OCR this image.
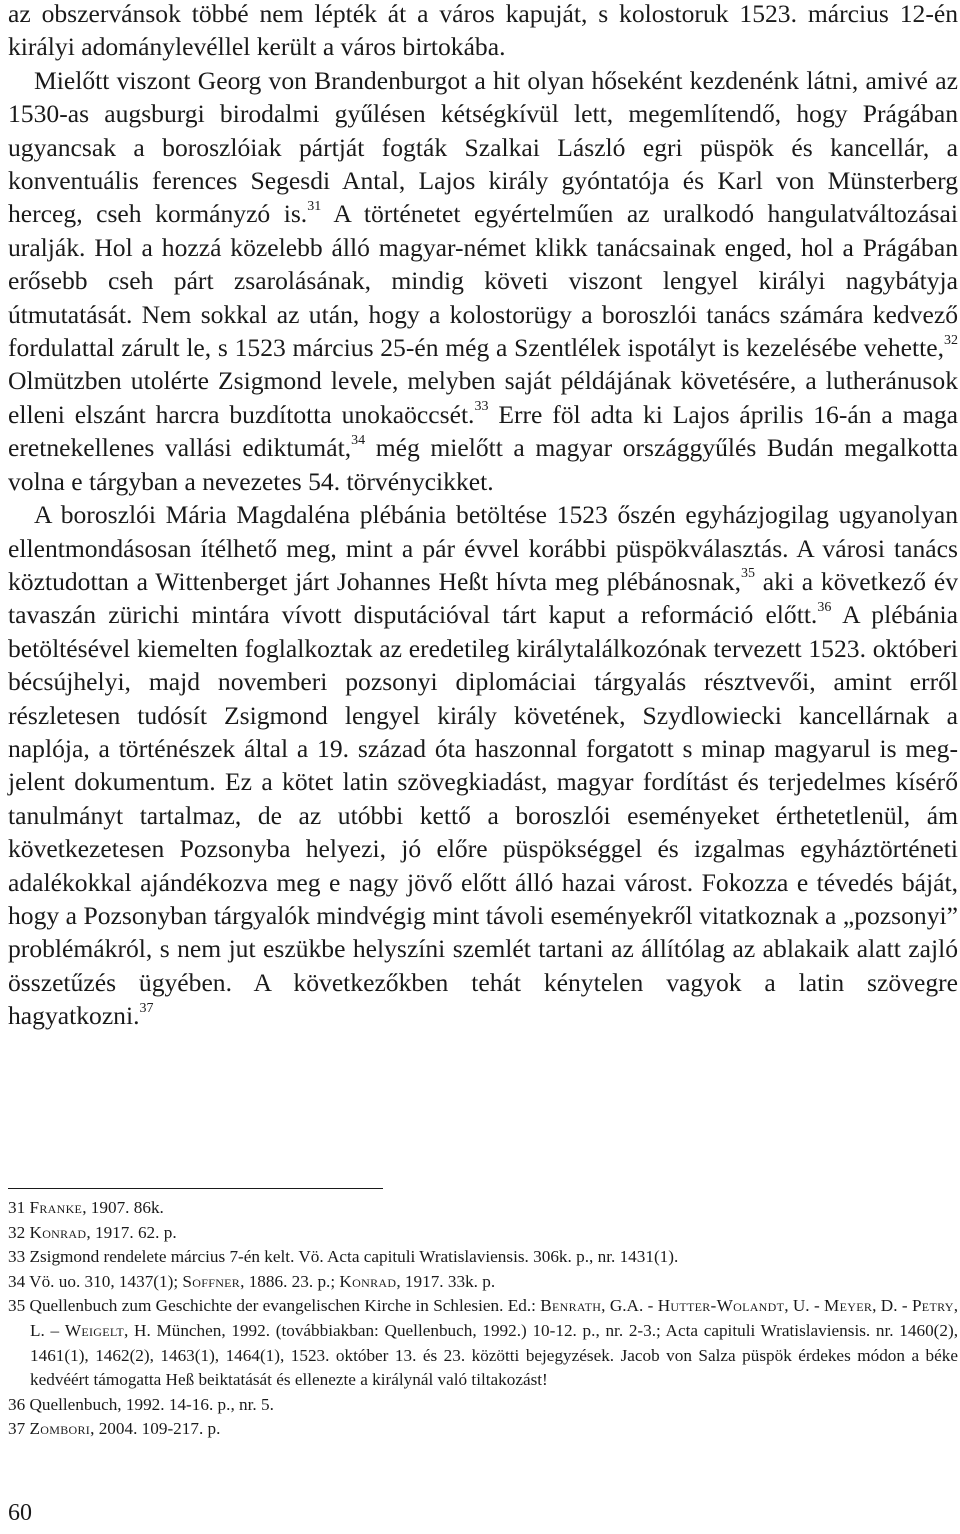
az obszervánsok többé nem lépték át a város kapuját, s kolostoruk 1523. március 12-én királyi adománylevéllel került a város birtokába.

Mielőtt viszont Georg von Brandenburgot a hit olyan hőseként kezdenénk látni, amivé az 1530-as augsburgi birodalmi gyűlésen kétségkívül lett, megemlítendő, hogy Prágában ugyancsak a boroszlóiak pártját fogták Szalkai László egri püspök és kancellár, a konventuális ferences Segesdi Antal, Lajos király gyóntatója és Karl von Münsterberg herceg, cseh kormányzó is.$^{31}$ A történetet egyértelműen az uralkodó hangulatváltozásai uralják. Hol a hozzá közelebb álló magyar-német klikk tanácsainak enged, hol a Prágában erősebb cseh párt zsarolásának, mindig követi viszont lengyel királyi nagybátyja útmutatását. Nem sokkal az után, hogy a kolostorügy a boroszlói tanács számára kedvező fordulattal zárult le, s 1523 március 25-én még a Szentlélek ispotályt is kezelésébe vehette,$^{32}$ Olmützben utolérte Zsigmond levele, melyben saját példájának követésére, a lutheránusok elleni elszánt harcra buzdította unokaöccsét.$^{33}$ Erre föl adta ki Lajos április 16-án a maga eretnekellenes vallási ediktumát,$^{34}$ még mielőtt a magyar országgyűlés Budán megalkotta volna e tárgyban a nevezetes 54. törvénycikket.

A boroszlói Mária Magdaléna plébánia betöltése 1523 őszén egyházjogilag ugyanolyan ellentmondásosan ítélhető meg, mint a pár évvel korábbi püspökválasztás. A városi tanács köztudottan a Wittenberget járt Johannes Heßt hívta meg plébánosnak,$^{35}$ aki a következő év tavaszán zürichi mintára vívott disputációval tárt kaput a reformáció előtt.$^{36}$ A plébánia betöltésével kiemelten foglalkoztak az eredetileg királytalálkozónak tervezett 1523. októberi bécsújhelyi, majd novemberi pozsonyi diplomáciai tárgyalás résztvevői, amint erről részletesen tudósít Zsigmond lengyel király követének, Szydlowiecki kancellárnak a naplója, a történészek által a 19. század óta haszonnal forgatott s minap magyarul is megjelent dokumentum. Ez a kötet latin szövegkiadást, magyar fordítást és terjedelmes kísérő tanulmányt tartalmaz, de az utóbbi kettő a boroszlói eseményeket érthetetlenül, ám következetesen Pozsonyba helyezi, jó előre püspökséggel és izgalmas egyháztörténeti adalékokkal ajándékozva meg e nagy jövő előtt álló hazai várost. Fokozza e tévedés báját, hogy a Pozsonyban tárgyalók mindvégig mint távoli eseményekről vitatkoznak a „pozsonyi” problémákról, s nem jut eszükbe helyszíni szemlét tartani az állítólag az ablakaik alatt zajló összetűzés ügyében. A következőkben tehát kénytelen vagyok a latin szövegre hagyatkozni.$^{37}$

31 Franke, 1907. 86k.

32 Konrad, 1917. 62. p.

33 Zsigmond rendelete március 7-én kelt. Vö. Acta capituli Wratislaviensis. 306k. p., nr. 1431(1).

34 Vö. uo. 310, 1437(1); Soffner, 1886. 23. p.; Konrad, 1917. 33k. p.

35 Quellenbuch zum Geschichte der evangelischen Kirche in Schlesien. Ed.: Benrath, G.A. - Hutter-Wolandt, U. - Meyer, D. - Petry, L. – Weigelt, H. München, 1992. (továbbiakban: Quellenbuch, 1992.) 10-12. p., nr. 2-3.; Acta capituli Wratislaviensis. nr. 1460(2), 1461(1), 1462(2), 1463(1), 1464(1), 1523. október 13. és 23. közötti bejegyzések. Jacob von Salza püspök érdekes módon a béke kedvéért támogatta Heß beiktatását és ellenezte a királynál való tiltakozást!

36 Quellenbuch, 1992. 14-16. p., nr. 5.

37 Zombori, 2004. 109-217. p.

60
